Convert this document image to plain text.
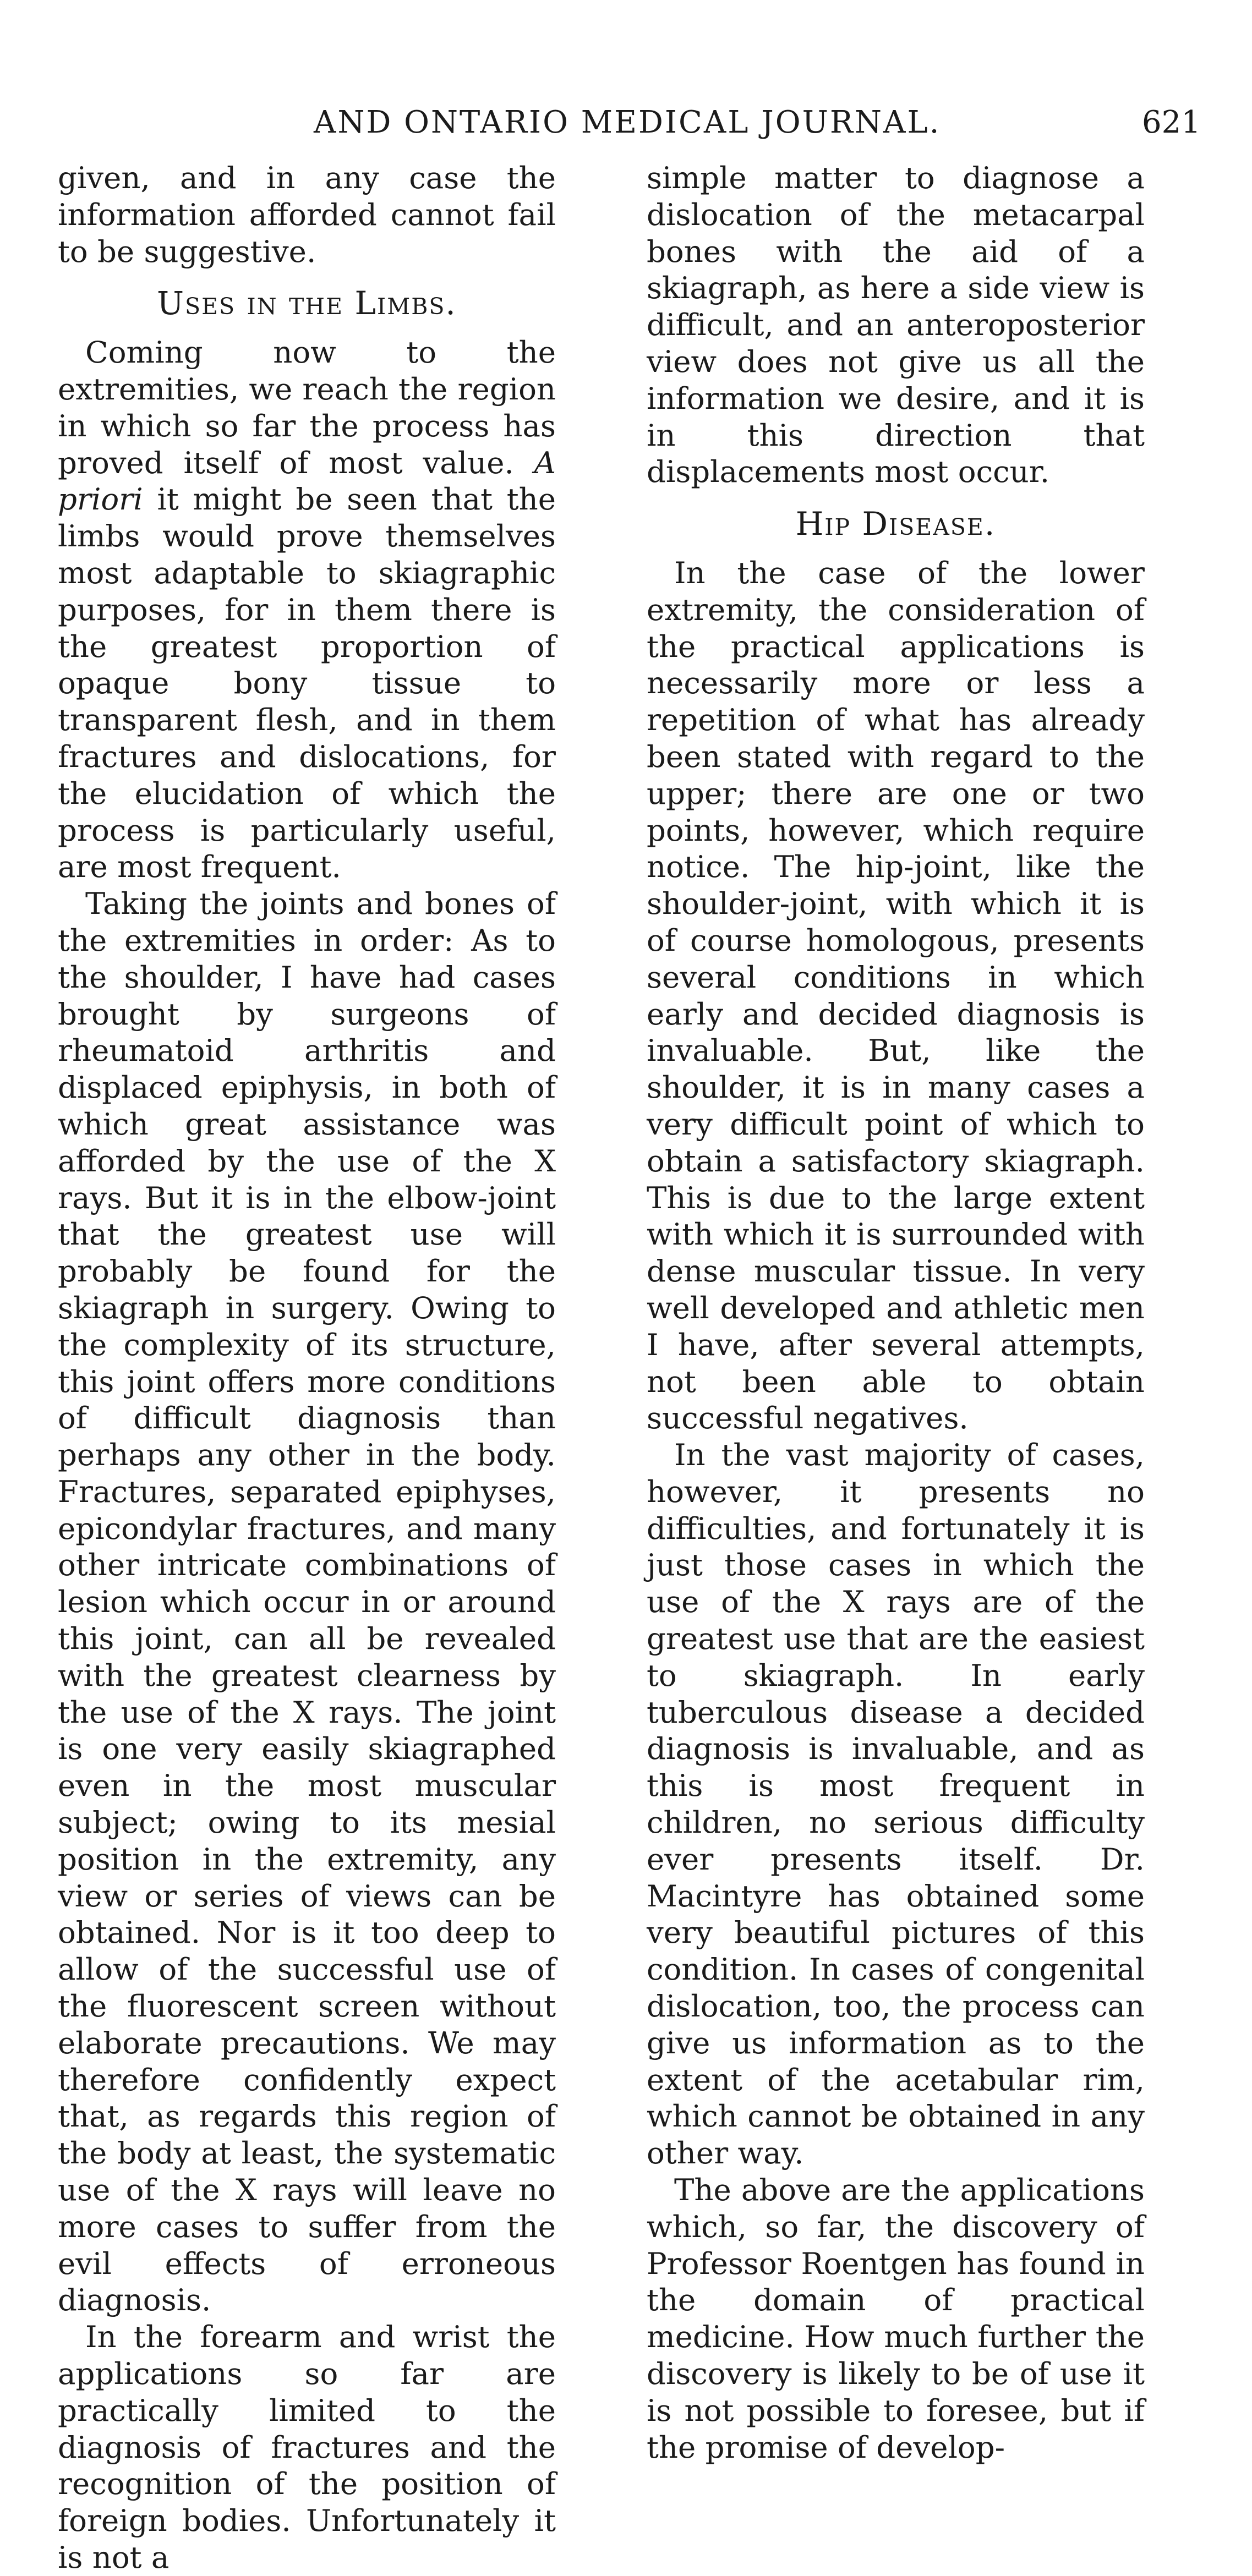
AND ONTARIO MEDICAL JOURNAL.	621

given, and in any case the information afforded cannot fail to be suggestive.

Uses in the Limbs.

Coming now to the extremities, we reach the region in which so far the process has proved itself of most value. A priori it might be seen that the limbs would prove themselves most adaptable to skiagraphic purposes, for in them there is the greatest proportion of opaque bony tissue to transparent flesh, and in them fractures and dislocations, for the elucidation of which the process is particularly useful, are most frequent.

Taking the joints and bones of the extremities in order: As to the shoulder, I have had cases brought by surgeons of rheumatoid arthritis and displaced epiphysis, in both of which great assistance was afforded by the use of the X rays. But it is in the elbow-joint that the greatest use will probably be found for the skiagraph in surgery. Owing to the complexity of its structure, this joint offers more conditions of difficult diagnosis than perhaps any other in the body. Fractures, separated epiphyses, epicondylar fractures, and many other intricate combinations of lesion which occur in or around this joint, can all be revealed with the greatest clearness by the use of the X rays. The joint is one very easily skiagraphed even in the most muscular subject; owing to its mesial position in the extremity, any view or series of views can be obtained. Nor is it too deep to allow of the successful use of the fluorescent screen without elaborate precautions. We may therefore confidently expect that, as regards this region of the body at least, the systematic use of the X rays will leave no more cases to suffer from the evil effects of erroneous diagnosis.

In the forearm and wrist the applications so far are practically limited to the diagnosis of fractures and the recognition of the position of foreign bodies. Unfortunately it is not a

simple matter to diagnose a dislocation of the metacarpal bones with the aid of a skiagraph, as here a side view is difficult, and an anteroposterior view does not give us all the information we desire, and it is in this direction that displacements most occur.

Hip Disease.

In the case of the lower extremity, the consideration of the practical applications is necessarily more or less a repetition of what has already been stated with regard to the upper; there are one or two points, however, which require notice. The hip-joint, like the shoulder-joint, with which it is of course homologous, presents several conditions in which early and decided diagnosis is invaluable. But, like the shoulder, it is in many cases a very difficult point of which to obtain a satisfactory skiagraph. This is due to the large extent with which it is surrounded with dense muscular tissue. In very well developed and athletic men I have, after several attempts, not been able to obtain successful negatives.

In the vast majority of cases, however, it presents no difficulties, and fortunately it is just those cases in which the use of the X rays are of the greatest use that are the easiest to skiagraph. In early tuberculous disease a decided diagnosis is invaluable, and as this is most frequent in children, no serious difficulty ever presents itself. Dr. Macintyre has obtained some very beautiful pictures of this condition. In cases of congenital dislocation, too, the process can give us information as to the extent of the acetabular rim, which cannot be obtained in any other way.

The above are the applications which, so far, the discovery of Professor Roentgen has found in the domain of practical medicine. How much further the discovery is likely to be of use it is not possible to foresee, but if the promise of develop-
